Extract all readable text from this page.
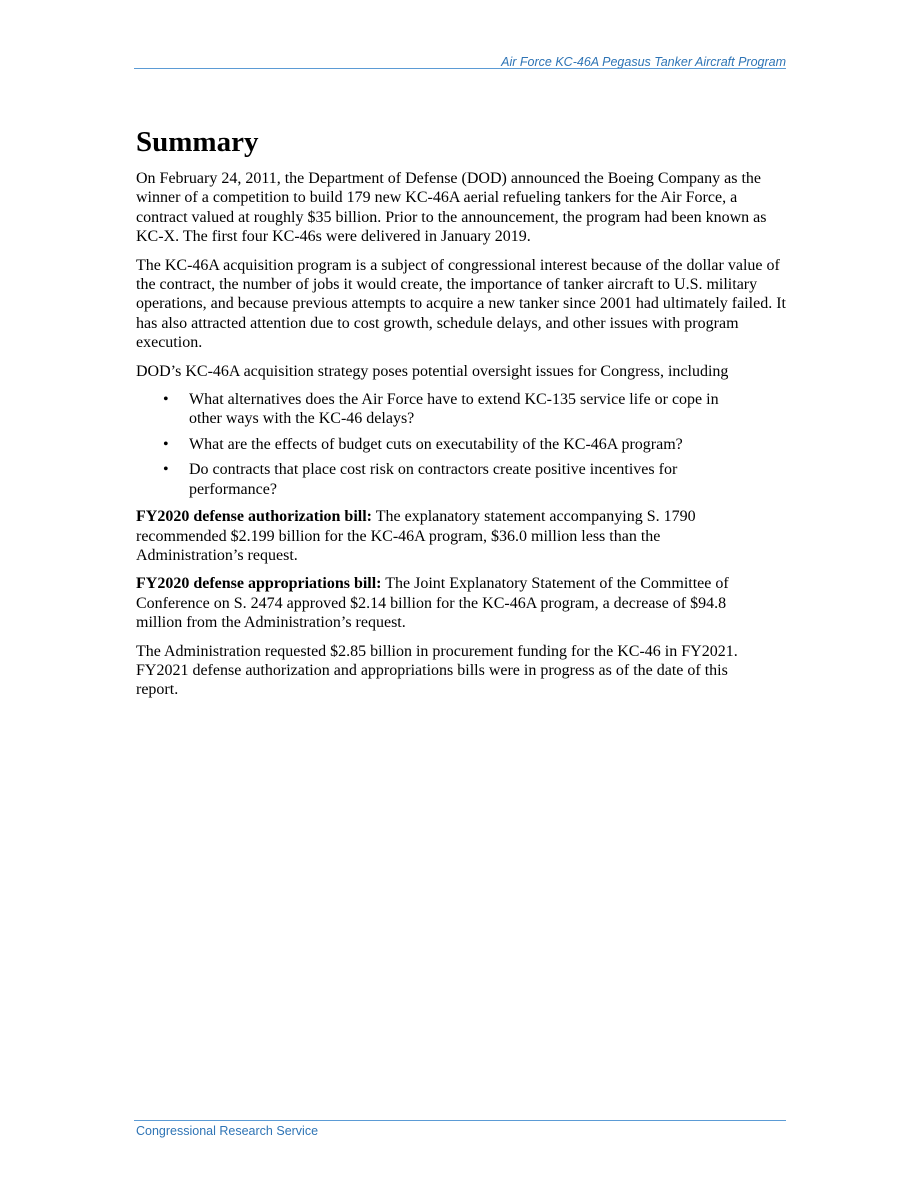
Air Force KC-46A Pegasus Tanker Aircraft Program
Summary

On February 24, 2011, the Department of Defense (DOD) announced the Boeing Company as the winner of a competition to build 179 new KC-46A aerial refueling tankers for the Air Force, a contract valued at roughly $35 billion. Prior to the announcement, the program had been known as KC-X. The first four KC-46s were delivered in January 2019.

The KC-46A acquisition program is a subject of congressional interest because of the dollar value of the contract, the number of jobs it would create, the importance of tanker aircraft to U.S. military operations, and because previous attempts to acquire a new tanker since 2001 had ultimately failed. It has also attracted attention due to cost growth, schedule delays, and other issues with program execution.

DOD’s KC-46A acquisition strategy poses potential oversight issues for Congress, including

• What alternatives does the Air Force have to extend KC-135 service life or cope in other ways with the KC-46 delays?
• What are the effects of budget cuts on executability of the KC-46A program?
• Do contracts that place cost risk on contractors create positive incentives for performance?

FY2020 defense authorization bill: The explanatory statement accompanying S. 1790 recommended $2.199 billion for the KC-46A program, $36.0 million less than the Administration’s request.

FY2020 defense appropriations bill: The Joint Explanatory Statement of the Committee of Conference on S. 2474 approved $2.14 billion for the KC-46A program, a decrease of $94.8 million from the Administration’s request.

The Administration requested $2.85 billion in procurement funding for the KC-46 in FY2021. FY2021 defense authorization and appropriations bills were in progress as of the date of this report.

Congressional Research Service
